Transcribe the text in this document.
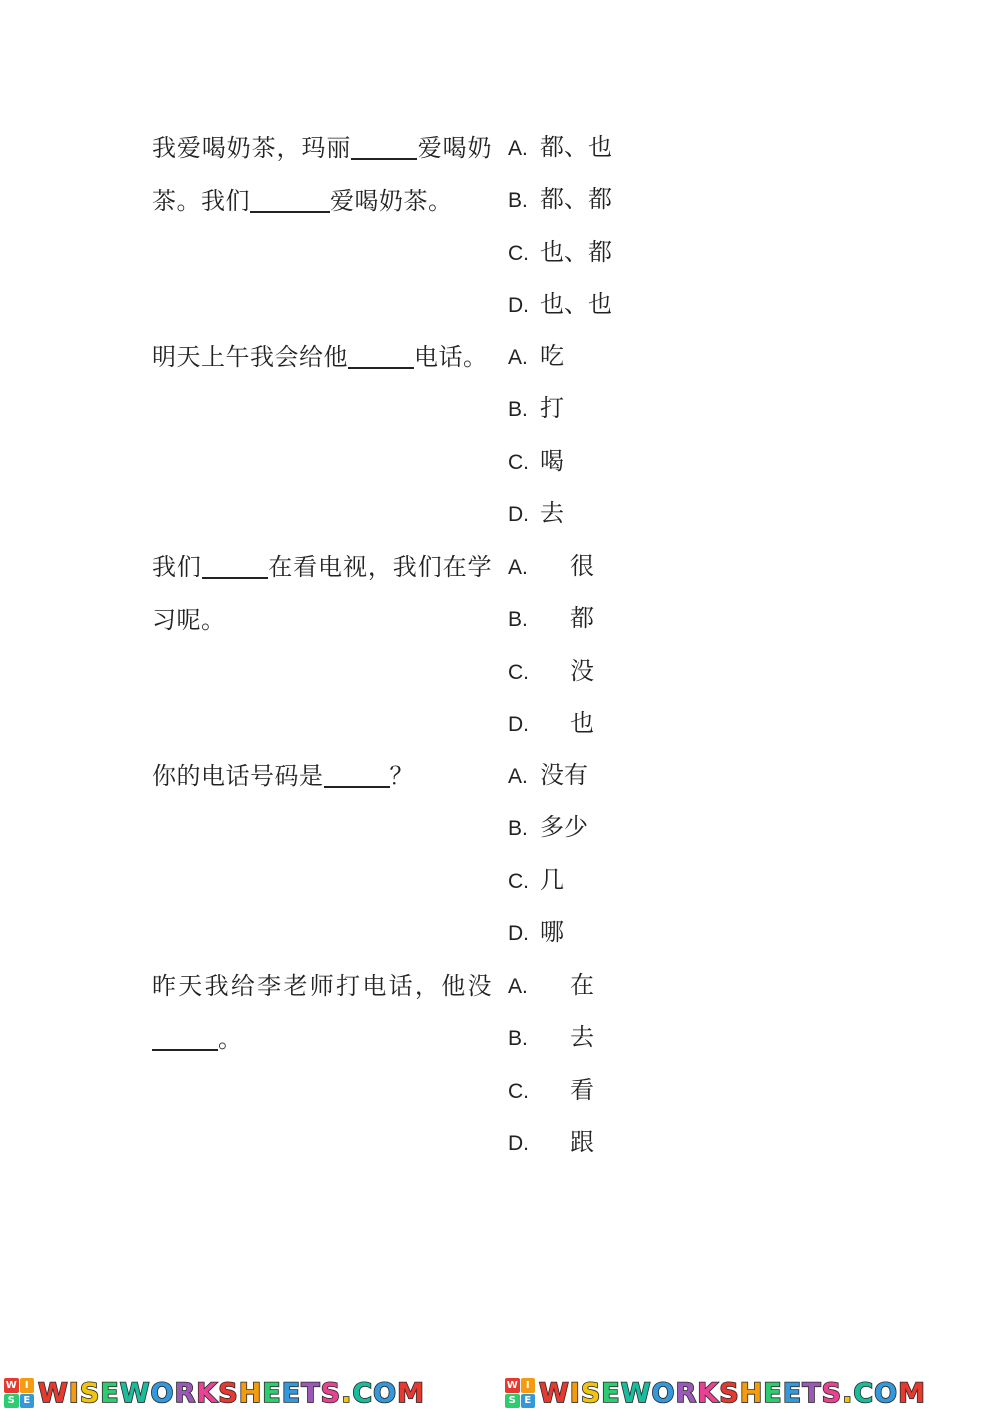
我爱喝奶茶，玛丽	爱喝奶茶。我们	爱喝奶茶。
A. 都、也
B. 都、都
C. 也、都
D. 也、也
明天上午我会给他	电话。 A. 吃
B. 打
C. 喝
D. 去
我们	在看电视，我们在学习呢。
A. 很
B. 都
C. 没
D. 也
你的电话号码是	？	A. 没有
B. 多少
C. 几
D. 哪
昨天我给李老师打电话，他没。
A. 在
B. 去
C. 看
D. 跟
W I
S E WISEWORKSHEETS.COM	W I
S E WISEWORKSHEETS.COM
